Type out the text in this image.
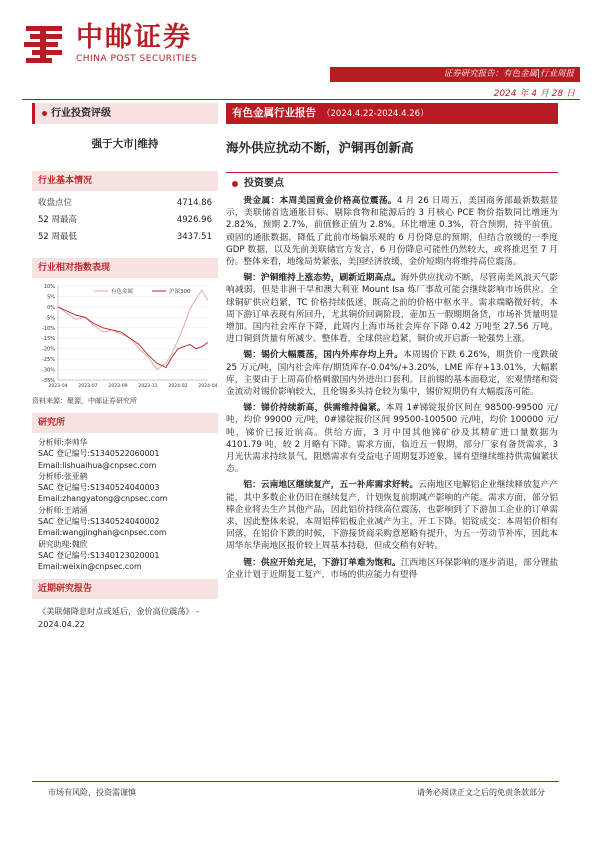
中邮证券
CHINA POST SECURITIES
证券研究报告：有色金属|行业周报
2024 年 4 月 28 日
行业投资评级
强于大市|维持
行业基本情况
收盘点位	4714.86
52 周最高	4926.96
52 周最低	3437.51
行业相对指数表现
10%
5%
0%
-5%
-10%
-15%
-20%
-25%
-30%
-35%
2023-04 2023-07 2023-09 2023-11 2024-02 2024-04
有色金属	沪深300
资料来源：聚源，中邮证券研究所
研究所
分析师:李帅华
SAC 登记编号:S1340522060001
Email:lishuaihua@cnpsec.com
分析师:张亚鹤
SAC 登记编号:S1340524040003
Email:zhangyatong@cnpsec.com
分析师:王靖涵
SAC 登记编号:S1340524040002
Email:wangjinghan@cnpsec.com
研究助理:魏欣
SAC 登记编号:S1340123020001
Email:weixin@cnpsec.com
近期研究报告
《美联储降息时点或延后，金价高位震荡》 - 2024.04.22
有色金属行业报告 （2024.4.22-2024.4.26）
海外供应扰动不断，沪铜再创新高
投资要点

贵金属：本周美国黄金价格高位震荡。4 月 26 日周五，美国商务部最新数据显示，美联储首选通胀目标、剔除食物和能源后的 3 月核心 PCE 物价指数同比增速为 2.82%，预期 2.7%，前值修正值为 2.8%。环比增速 0.3%，符合预期，持平前值。顽固的通胀数据，降低了此前市场偏乐观的 6 月份降息的预期，但结合放缓的一季度 GDP 数据，以及先前美联储官方发言，6 月份降息可能性仍然较大，或将推迟至 7 月份。整体来看，地缘局势紧张，美国经济放缓，金价短期内将维持高位震荡。

铜：沪铜维持上涨态势，刷新近期高点。海外供应扰动不断，尽管南美风浪天气影响减弱，但是非洲干旱和澳大利亚 Mount Isa 炼厂事故可能会继续影响市场供应。全球铜矿供应趋紧，TC 价格持续低迷，既高之前的价格中枢水平。需求端略微好转，本周下游订单表现有所回升，尤其铜价回调阶段，壶加五一假期期备货，市场补货量明显增加。国内社会库存下降，此周内上海市场社会库存下降 0.42 万吨至 27.56 万吨。进口铜到货量有所减少。整体看，全球供应趋紧，铜价或开启新一轮强势上涨。

锡：锡价大幅震荡，国内外库存均上升。本周锡价下跌 6.26%，期货价一度跌破 25 万元/吨，国内社会库存/期货库存-0.04%/+3.20%，LME 库存+13.01%，大幅累库，主要由于上周高价格刺激国内外进出口套利。目前锡的基本面稳定，宏观情绪和资金流动对锡价影响较大，且伦锡多头持仓较为集中，锡价短期仍有大幅震荡可能。

锑：锑价持续新高，供需维持偏紧。本周 1#锑锭报价区间在 98500-99500 元/吨，均价 99000 元/吨，0#锑锭报价区间 99500-100500 元/吨，均价 100000 元/吨，锑价已接近前高。供给方面，3 月中国其他锑矿砂及其精矿进口量数据为 4101.79 吨，较 2 月略有下降。需求方面，临近五一假期，部分厂家有备货需求，3 月光伏需求持续景气，阻燃需求有受益电子周期复苏迹象，锑有望继续维持供需偏紧状态。

铝：云南地区继续复产，五一补库需求好转。云南地区电解铝企业继续释放复产产能，其中多数企业仍旧在继续复产，计划恢复前期减产影响的产能。需求方面，部分铝棒企业将去生产其他产品，因此铝价持续高位震荡，也影响到了下游加工企业的订单需求，因此整体来说，本周铝棒铝板企业减产为主，开工下降。铝锭成交：本周铝价相有回落，在铝价下跌的时候，下游接货商采购意愿略有提升，为五一劳动节补库，因此本周华东华南地区报价较上周基本持稳，但成交稍有好转。

锂：供应开始充足，下游订单难为饱和。江西地区环保影响的逐步消退，部分锂盐企业计划于近期复工复产，市场的供应能力有望得

市场有风险，投资需谨慎	请务必阅读正文之后的免责条款部分
